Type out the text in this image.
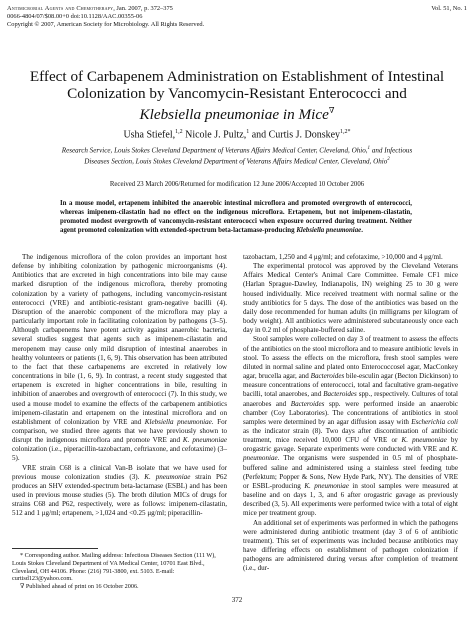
Antimicrobial Agents and Chemotherapy, Jan. 2007, p. 372–375	Vol. 51, No. 1
0066-4804/07/$08.00+0 doi:10.1128/AAC.00355-06
Copyright © 2007, American Society for Microbiology. All Rights Reserved.
Effect of Carbapenem Administration on Establishment of Intestinal
Colonization by Vancomycin-Resistant Enterococci and
Klebsiella pneumoniae in Mice∇
Usha Stiefel,$^{1,2}$ Nicole J. Pultz,$^1$ and Curtis J. Donskey$^{1,2*}$
Research Service, Louis Stokes Cleveland Department of Veterans Affairs Medical Center, Cleveland, Ohio,$^1$ and Infectious
Diseases Section, Louis Stokes Cleveland Department of Veterans Affairs Medical Center, Cleveland, Ohio$^2$
Received 23 March 2006/Returned for modification 12 June 2006/Accepted 10 October 2006

In a mouse model, ertapenem inhibited the anaerobic intestinal microflora and promoted overgrowth of enterococci, whereas imipenem-cilastatin had no effect on the indigenous microflora. Ertapenem, but not imipenem-cilastatin, promoted modest overgrowth of vancomycin-resistant enterococci when exposure occurred during treatment. Neither agent promoted colonization with extended-spectrum beta-lactamase-producing Klebsiella pneumoniae.

The indigenous microflora of the colon provides an important host defense by inhibiting colonization by pathogenic microorganisms (4). Antibiotics that are excreted in high concentrations into bile may cause marked disruption of the indigenous microflora, thereby promoting colonization by a variety of pathogens, including vancomycin-resistant enterococci (VRE) and antibiotic-resistant gram-negative bacilli (4). Disruption of the anaerobic component of the microflora may play a particularly important role in facilitating colonization by pathogens (3–5). Although carbapenems have potent activity against anaerobic bacteria, several studies suggest that agents such as imipenem-cilastatin and meropenem may cause only mild disruption of intestinal anaerobes in healthy volunteers or patients (1, 6, 9). This observation has been attributed to the fact that these carbapenems are excreted in relatively low concentrations in bile (1, 6, 9). In contrast, a recent study suggested that ertapenem is excreted in higher concentrations in bile, resulting in inhibition of anaerobes and overgrowth of enterococci (7). In this study, we used a mouse model to examine the effects of the carbapenem antibiotics imipenem-cilastatin and ertapenem on the intestinal microflora and on establishment of colonization by VRE and Klebsiella pneumoniae. For comparison, we studied three agents that we have previously shown to disrupt the indigenous microflora and promote VRE and K. pneumoniae colonization (i.e., piperacillin-tazobactam, ceftriaxone, and cefotaxime) (3–5).

VRE strain C68 is a clinical Van-B isolate that we have used for previous mouse colonization studies (3). K. pneumoniae strain P62 produces an SHV extended-spectrum beta-lactamase (ESBL) and has been used in previous mouse studies (5). The broth dilution MICs of drugs for strains C68 and P62, respectively, were as follows: imipenem-cilastatin, 512 and 1 μg/ml; ertapenem, >1,024 and <0.25 μg/ml; piperacillin-

tazobactam, 1,250 and 4 μg/ml; and cefotaxime, >10,000 and 4 μg/ml.

The experimental protocol was approved by the Cleveland Veterans Affairs Medical Center's Animal Care Committee. Female CF1 mice (Harlan Sprague-Dawley, Indianapolis, IN) weighing 25 to 30 g were housed individually. Mice received treatment with normal saline or the study antibiotics for 5 days. The dose of the antibiotics was based on the daily dose recommended for human adults (in milligrams per kilogram of body weight). All antibiotics were administered subcutaneously once each day in 0.2 ml of phosphate-buffered saline.

Stool samples were collected on day 3 of treatment to assess the effects of the antibiotics on the stool microflora and to measure antibiotic levels in stool. To assess the effects on the microflora, fresh stool samples were diluted in normal saline and plated onto Enterococcosel agar, MacConkey agar, brucella agar, and Bacteroides bile-esculin agar (Becton Dickinson) to measure concentrations of enterococci, total and facultative gram-negative bacilli, total anaerobes, and Bacteroides spp., respectively. Cultures of total anaerobes and Bacteroides spp. were performed inside an anaerobic chamber (Coy Laboratories). The concentrations of antibiotics in stool samples were determined by an agar diffusion assay with Escherichia coli as the indicator strain (8). Two days after discontinuation of antibiotic treatment, mice received 10,000 CFU of VRE or K. pneumoniae by orogastric gavage. Separate experiments were conducted with VRE and K. pneumoniae. The organisms were suspended in 0.5 ml of phosphate-buffered saline and administered using a stainless steel feeding tube (Perfektum; Popper & Sons, New Hyde Park, NY). The densities of VRE or ESBL-producing K. pneumoniae in stool samples were measured at baseline and on days 1, 3, and 6 after orogastric gavage as previously described (3, 5). All experiments were performed twice with a total of eight mice per treatment group.

An additional set of experiments was performed in which the pathogens were administered during antibiotic treatment (day 3 of 6 of antibiotic treatment). This set of experiments was included because antibiotics may have differing effects on establishment of pathogen colonization if pathogens are administered during versus after completion of treatment (i.e., dur-

* Corresponding author. Mailing address: Infectious Diseases Section (111 W), Louis Stokes Cleveland Department of VA Medical Center, 10701 East Blvd., Cleveland, OH 44106. Phone: (216) 791-3800, ext. 5103. E-mail: curtisd123@yahoo.com.

∇ Published ahead of print on 16 October 2006.

372
